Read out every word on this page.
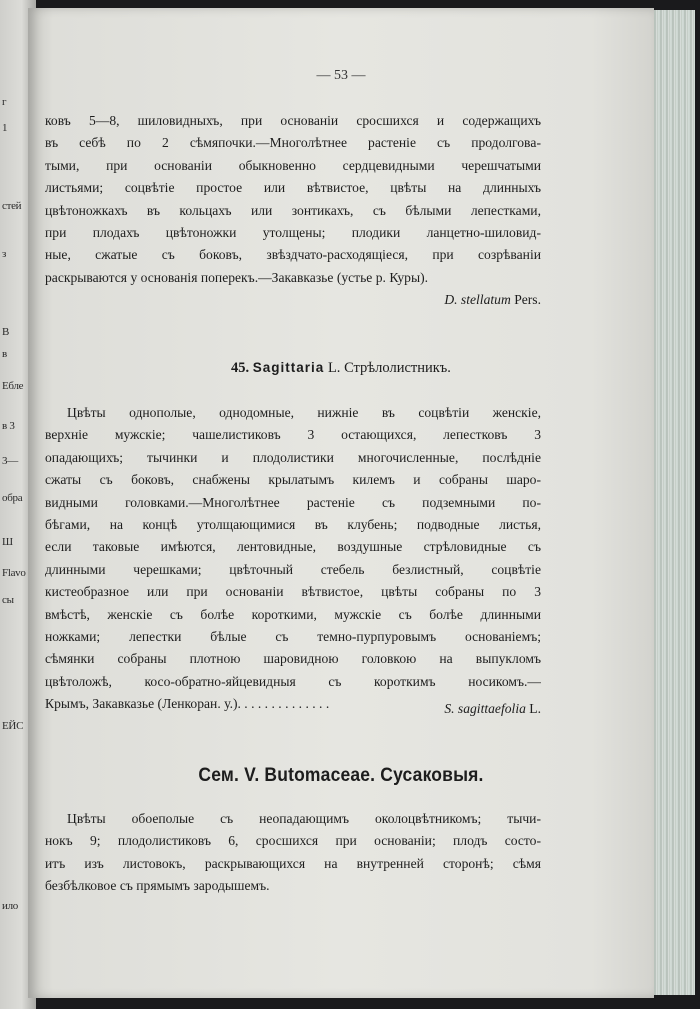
г
1
стей
з
В
в
Ебле
в 3
3—
обра
Ш
Flavo
сы
ЕЙС
ило
— 53 —
ковъ 5—8, шиловидныхъ, при основаніи сросшихся и содержащихъ
въ себѣ по 2 сѣмяпочки.—Многолѣтнее растеніе съ продолговa-
тыми, при основаніи обыкновенно сердцевидными черешчатыми
листьями; соцвѣтіе простое или вѣтвистое, цвѣты на длинныхъ
цвѣтоножкахъ въ кольцахъ или зонтикахъ, съ бѣлыми лепестками,
при плодахъ цвѣтоножки утолщены; плодики ланцетно-шиловид-
ные, сжатые съ боковъ, звѣздчато-расходящіеся, при созрѣваніи
раскрываются у основанія поперекъ.—Закавказье (устье р. Куры).
D. stellatum Pers.
45. Sagittaria L. Стрѣлолистникъ.
Цвѣты однополые, однодомные, нижніе въ соцвѣтіи женскіе,
верхніе мужскіе; чашелистиковъ 3 остающихся, лепестковъ 3
опадающихъ; тычинки и плодолистики многочисленные, послѣдніе
сжаты съ боковъ, снабжены крылатымъ килемъ и собраны шаро-
видными головками.—Многолѣтнее растеніе съ подземными по-
бѣгами, на концѣ утолщающимися въ клубень; подводные листья,
если таковые имѣются, лентовидные, воздушные стрѣловидные съ
длинными черешками; цвѣточный стебель безлистный, соцвѣтіе
кистеобразное или при основаніи вѣтвистое, цвѣты собраны по 3
вмѣстѣ, женскіе съ болѣе короткими, мужскіе съ болѣе длинными
ножками; лепестки бѣлые съ темно-пурпуровымъ основаніемъ;
сѣмянки собраны плотною шаровидною головкою на выпукломъ
цвѣтоложѣ, косо-обратно-яйцевидныя съ короткимъ носикомъ.—
Крымъ, Закавказье (Ленкоран. у.). . . . . . . . . . . . . .	S. sagittaefolia L.
Сем. V. Butomaceae. Сусаковыя.
Цвѣты обоеполые съ неопадающимъ околоцвѣтникомъ; тычи-
нокъ 9; плодолистиковъ 6, сросшихся при основаніи; плодъ состо-
итъ изъ листовокъ, раскрывающихся на внутренней сторонѣ; сѣмя
безбѣлковое съ прямымъ зародышемъ.
